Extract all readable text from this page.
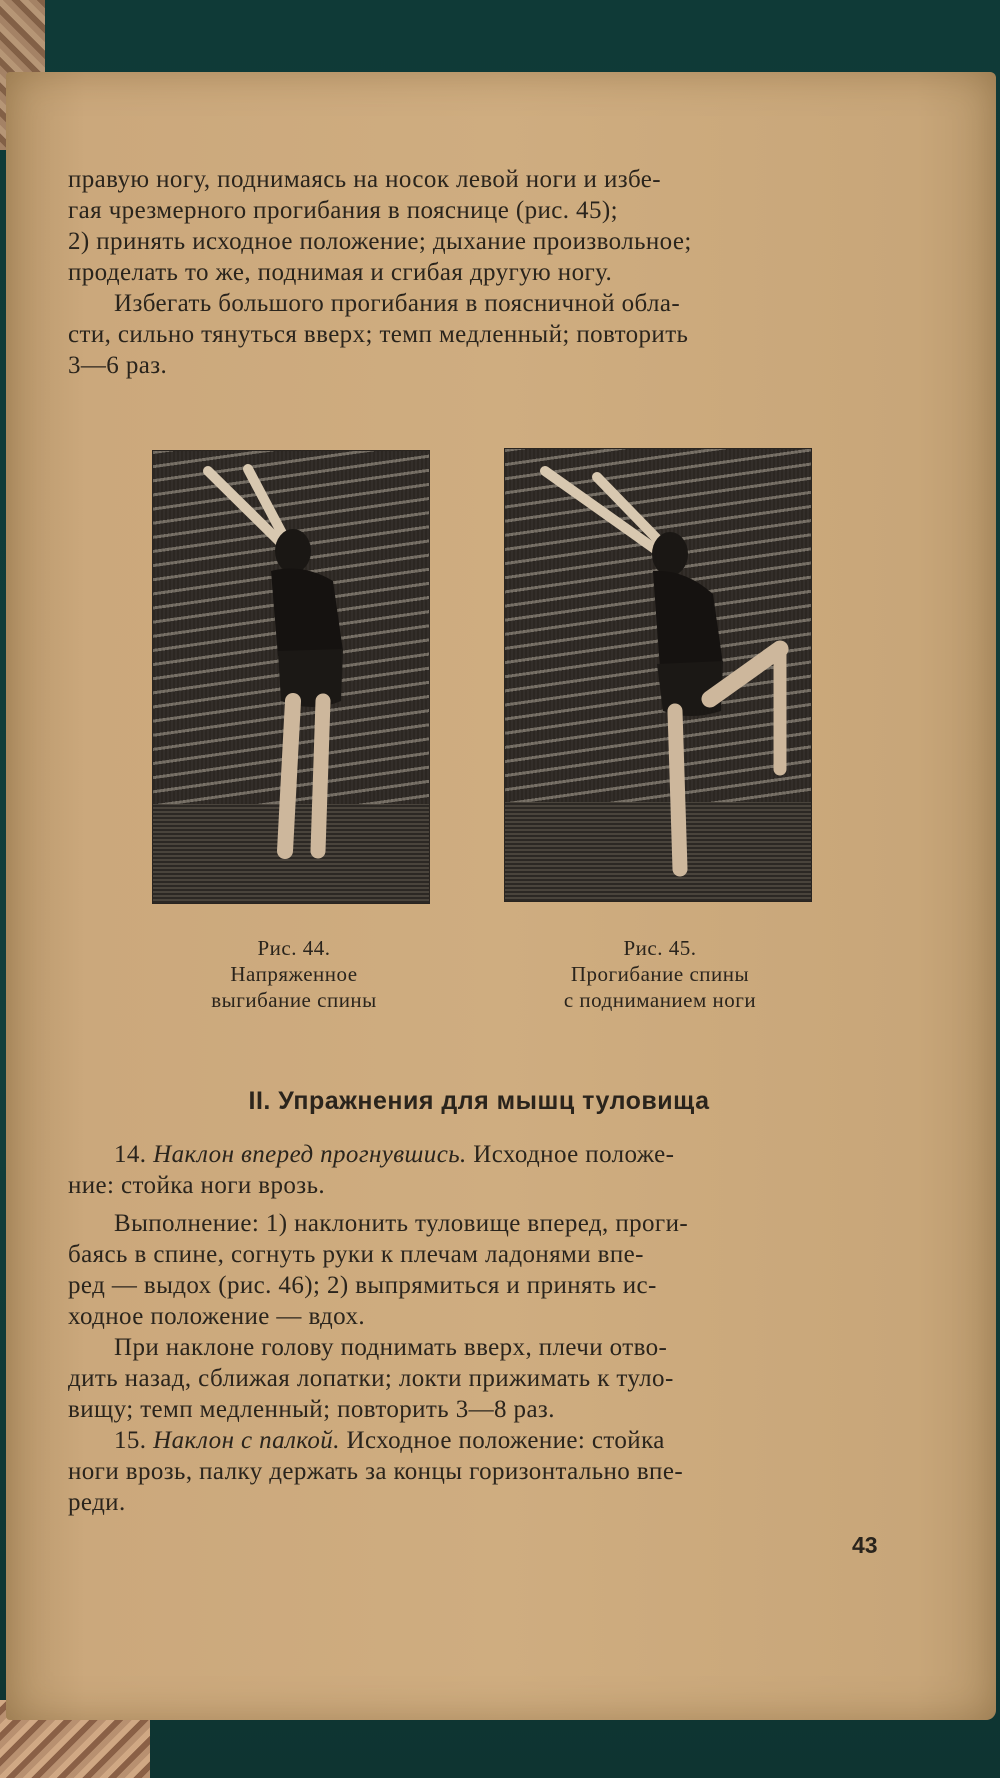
правую ногу, поднимаясь на носок левой ноги и избе-
гая чрезмерного прогибания в пояснице (рис. 45);
2) принять исходное положение; дыхание произвольное;
проделать то же, поднимая и сгибая другую ногу.

Избегать большого прогибания в поясничной обла-
сти, сильно тянуться вверх; темп медленный; повторить
3—6 раз.

Рис. 44.
Напряженное
выгибание спины
Рис. 45.
Прогибание спины
с подниманием ноги
II. Упражнения для мышц туловища

14. Наклон вперед прогнувшись. Исходное положе-
ние: стойка ноги врозь.

Выполнение: 1) наклонить туловище вперед, проги-
баясь в спине, согнуть руки к плечам ладонями впе-
ред — выдох (рис. 46); 2) выпрямиться и принять ис-
ходное положение — вдох.

При наклоне голову поднимать вверх, плечи отво-
дить назад, сближая лопатки; локти прижимать к туло-
вищу; темп медленный; повторить 3—8 раз.

15. Наклон с палкой. Исходное положение: стойка
ноги врозь, палку держать за концы горизонтально впе-
реди.

43
